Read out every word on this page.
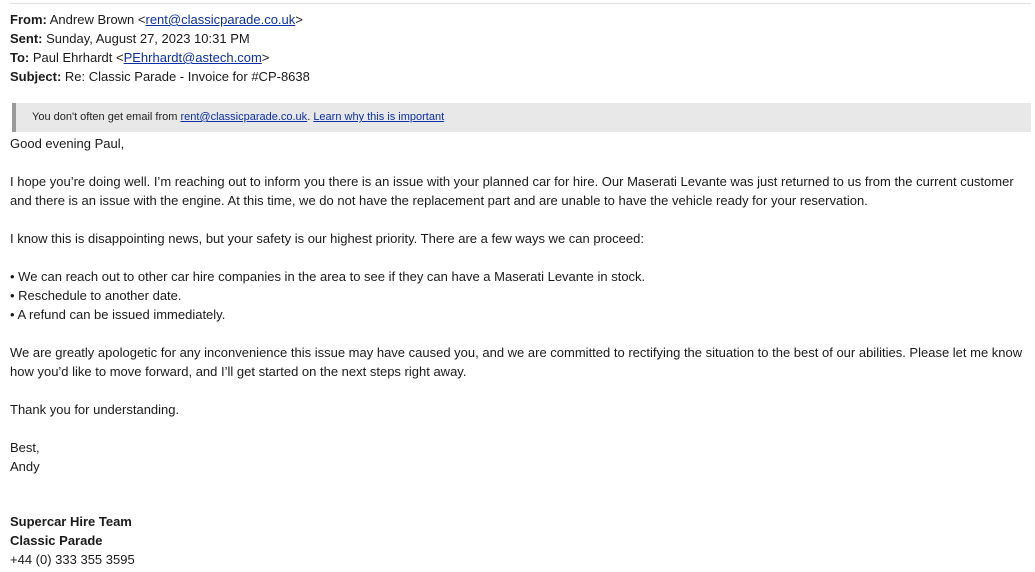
From: Andrew Brown <rent@classicparade.co.uk>
Sent: Sunday, August 27, 2023 10:31 PM
To: Paul Ehrhardt <PEhrhardt@astech.com>
Subject: Re: Classic Parade - Invoice for #CP-8638
You don't often get email from rent@classicparade.co.uk. Learn why this is important

Good evening Paul,

I hope you’re doing well. I’m reaching out to inform you there is an issue with your planned car for hire. Our Maserati Levante was just returned to us from the current customer and there is an issue with the engine. At this time, we do not have the replacement part and are unable to have the vehicle ready for your reservation.

I know this is disappointing news, but your safety is our highest priority. There are a few ways we can proceed:

• We can reach out to other car hire companies in the area to see if they can have a Maserati Levante in stock.
• Reschedule to another date.
• A refund can be issued immediately.

We are greatly apologetic for any inconvenience this issue may have caused you, and we are committed to rectifying the situation to the best of our abilities. Please let me know how you’d like to move forward, and I’ll get started on the next steps right away.

Thank you for understanding.

Best,
Andy
Supercar Hire Team
Classic Parade
+44 (0) 333 355 3595
